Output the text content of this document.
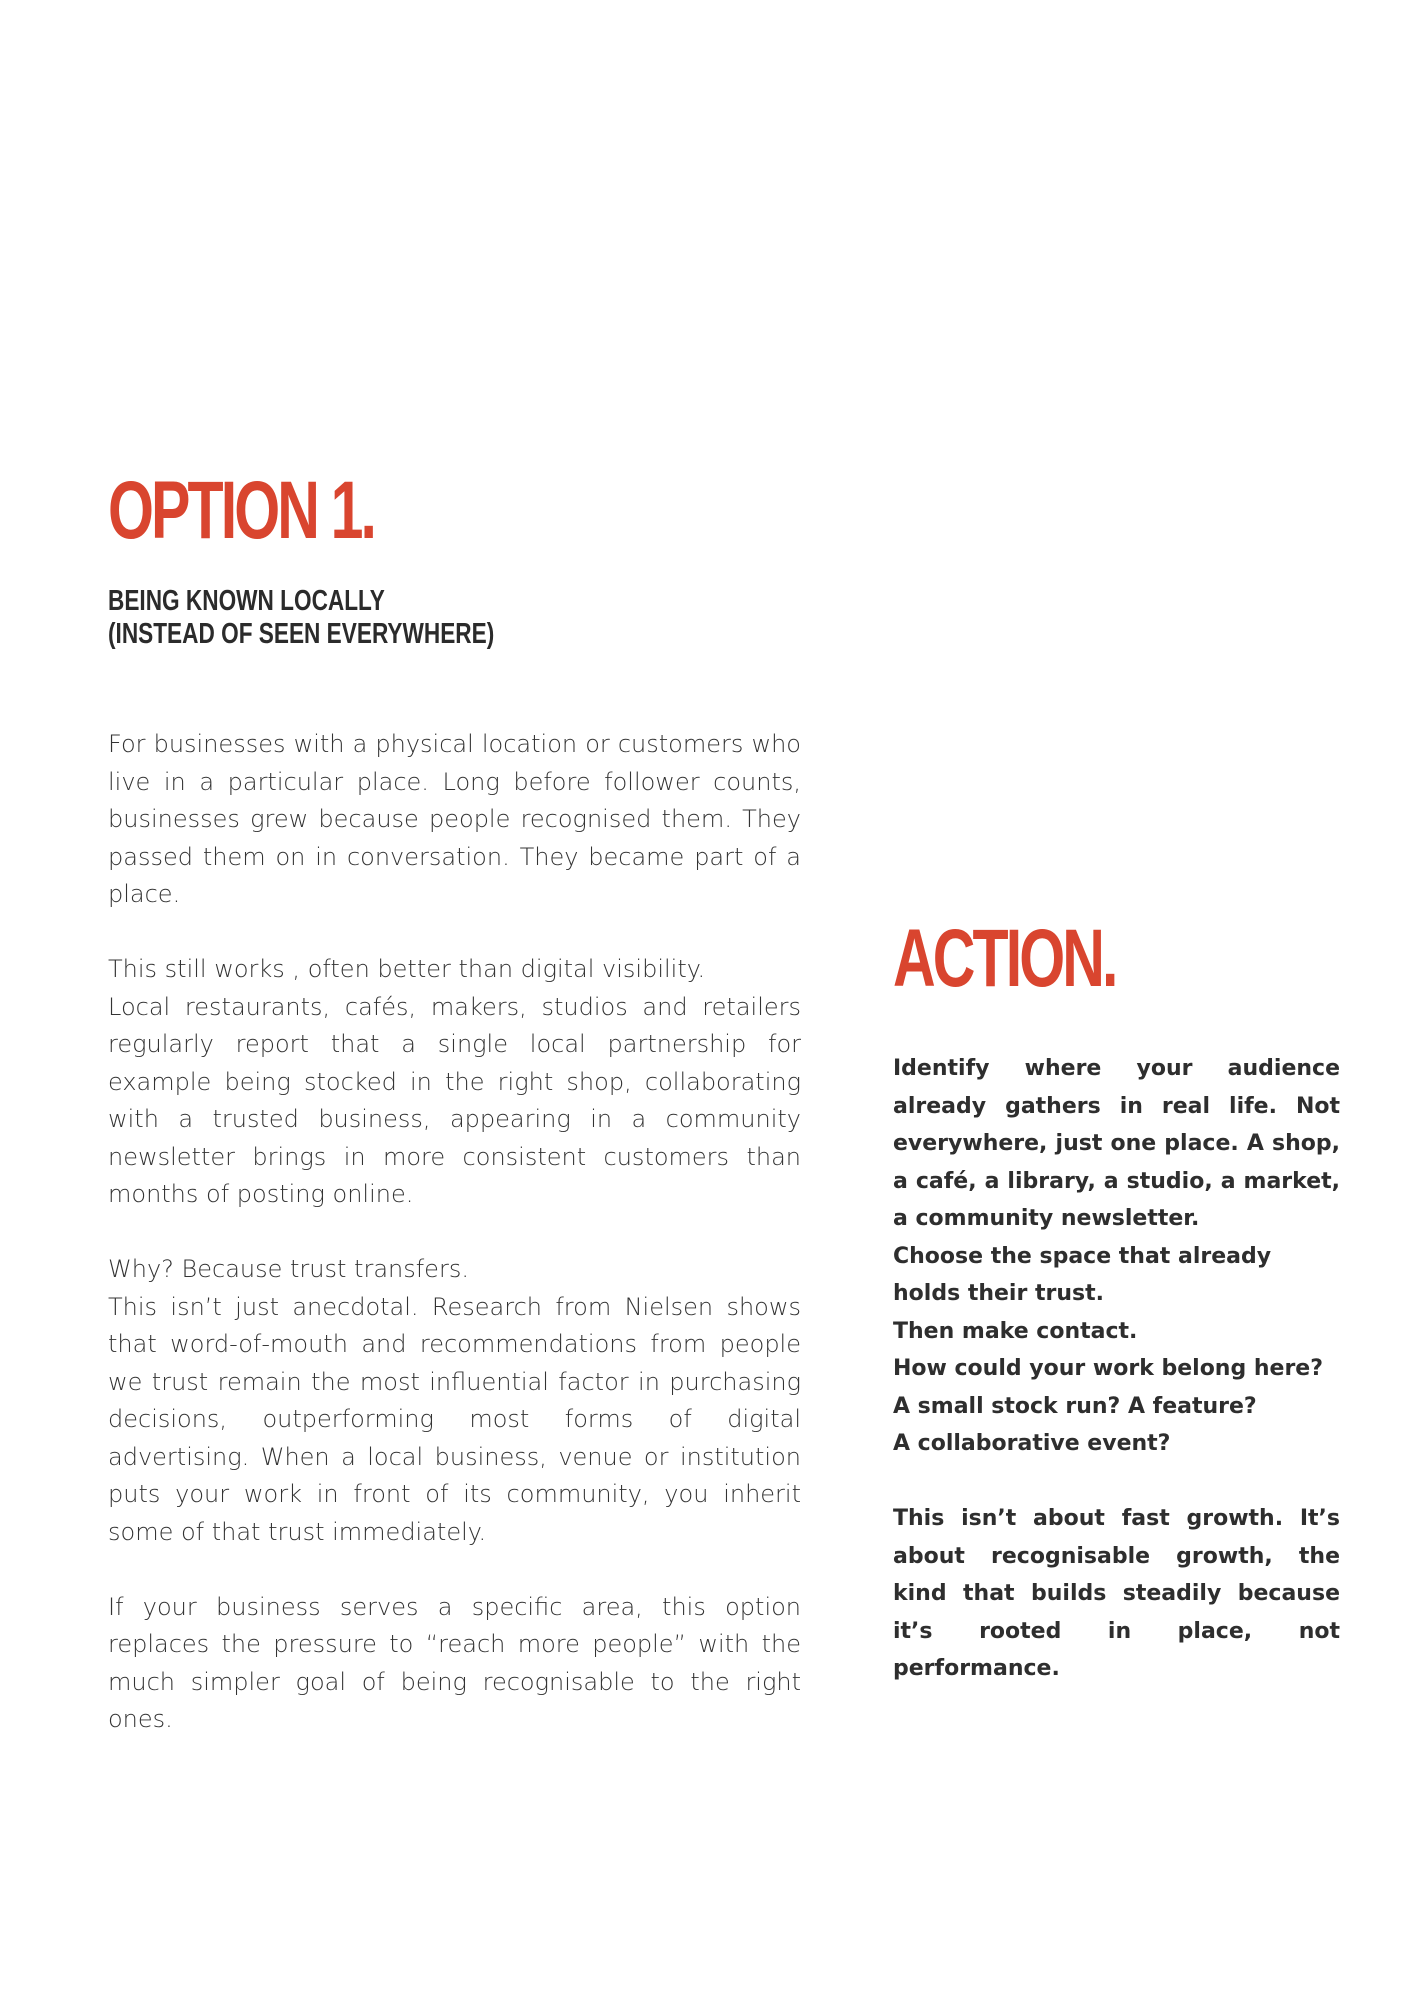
OPTION 1.
BEING KNOWN LOCALLY
(INSTEAD OF SEEN EVERYWHERE)

For businesses with a physical location or customers who live in a particular place. Long before follower counts, businesses grew because people recognised them. They passed them on in conversation. They became part of a place.

This still works , often better than digital visibility.

Local restaurants, cafés, makers, studios and retailers regularly report that a single local partnership for example being stocked in the right shop, collaborating with a trusted business, appearing in a community newsletter brings in more consistent customers than months of posting online.

Why? Because trust transfers.

This isn’t just anecdotal. Research from Nielsen shows that word-of-mouth and recommendations from people we trust remain the most influential factor in purchasing decisions, outperforming most forms of digital advertising. When a local business, venue or institution puts your work in front of its community, you inherit some of that trust immediately.

If your business serves a specific area, this option replaces the pressure to “reach more people” with the much simpler goal of being recognisable to the right ones.

ACTION.

Identify where your audience already gathers in real life. Not everywhere, just one place. A shop, a café, a library, a studio, a market, a community newsletter.

Choose the space that already holds their trust.

Then make contact.

How could your work belong here?

A small stock run? A feature?

A collaborative event?

This isn’t about fast growth. It’s about recognisable growth, the kind that builds steadily because it’s rooted in place, not performance.
